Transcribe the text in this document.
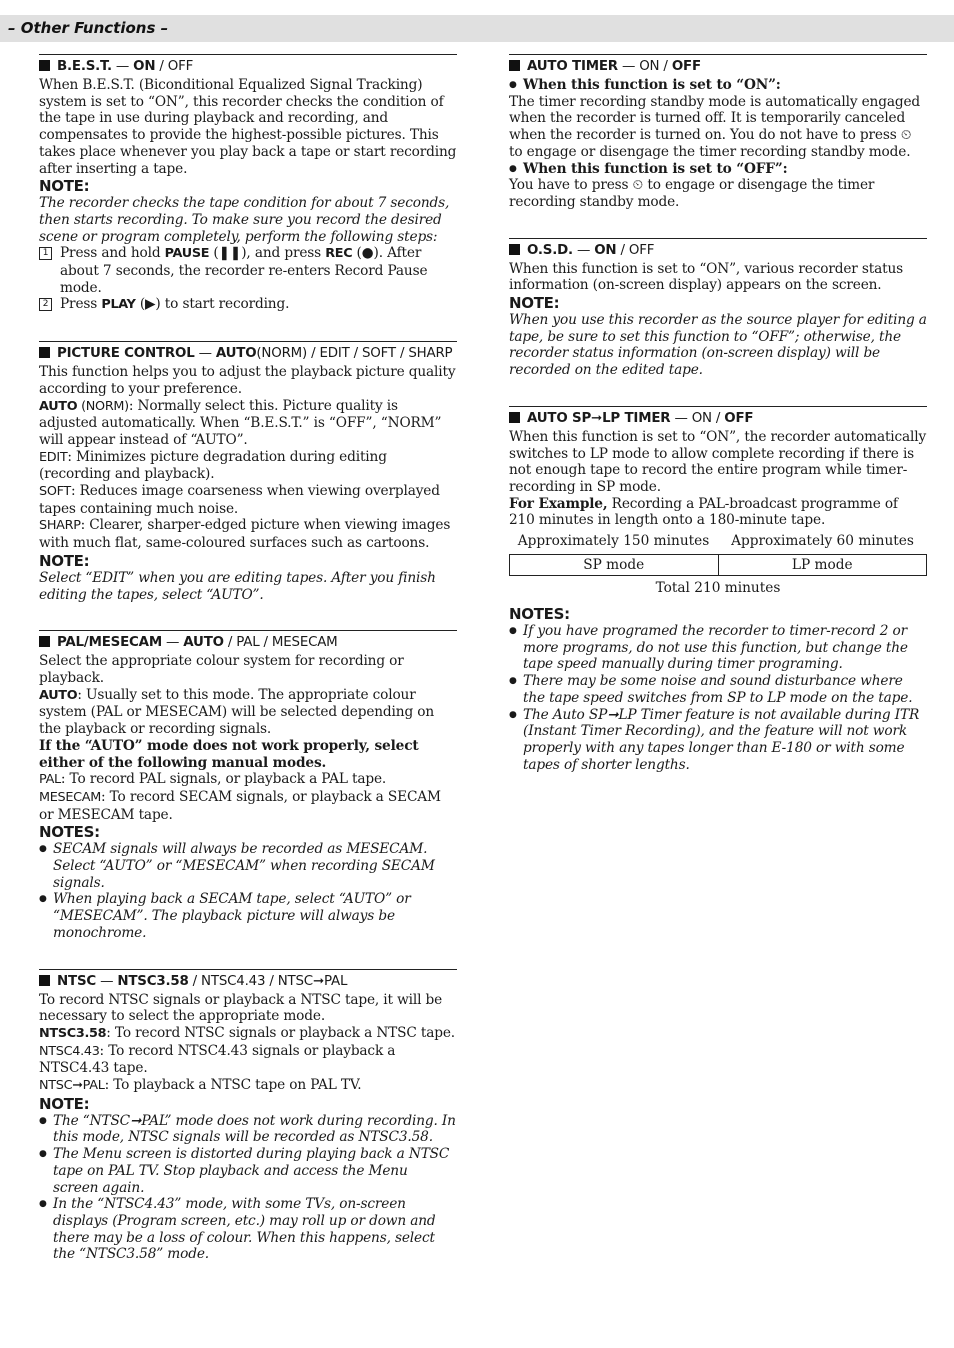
– Other Functions –
B.E.S.T. — ON / OFF

When B.E.S.T. (Biconditional Equalized Signal Tracking) system is set to “ON”, this recorder checks the condition of the tape in use during playback and recording, and compensates to provide the highest-possible pictures. This takes place whenever you play back a tape or start recording after inserting a tape.

NOTE:

The recorder checks the tape condition for about 7 seconds, then starts recording. To make sure you record the desired scene or program completely, perform the following steps:

1 Press and hold PAUSE (❚❚), and press REC (●). After about 7 seconds, the recorder re-enters Record Pause mode.
2 Press PLAY (▶) to start recording.
PICTURE CONTROL — AUTO(NORM) / EDIT / SOFT / SHARP

This function helps you to adjust the playback picture quality according to your preference.

AUTO (NORM): Normally select this. Picture quality is adjusted automatically. When “B.E.S.T.” is “OFF”, “NORM” will appear instead of “AUTO”.

EDIT: Minimizes picture degradation during editing (recording and playback).

SOFT: Reduces image coarseness when viewing overplayed tapes containing much noise.

SHARP: Clearer, sharper-edged picture when viewing images with much flat, same-coloured surfaces such as cartoons.

NOTE:

Select “EDIT” when you are editing tapes. After you finish editing the tapes, select “AUTO”.

PAL/MESECAM — AUTO / PAL / MESECAM

Select the appropriate colour system for recording or playback.

AUTO: Usually set to this mode. The appropriate colour system (PAL or MESECAM) will be selected depending on the playback or recording signals.

If the “AUTO” mode does not work properly, select either of the following manual modes.

PAL: To record PAL signals, or playback a PAL tape.

MESECAM: To record SECAM signals, or playback a SECAM or MESECAM tape.

NOTES:

● SECAM signals will always be recorded as MESECAM. Select “AUTO” or “MESECAM” when recording SECAM signals.
● When playing back a SECAM tape, select “AUTO” or “MESECAM”. The playback picture will always be monochrome.
NTSC — NTSC3.58 / NTSC4.43 / NTSC➞PAL

To record NTSC signals or playback a NTSC tape, it will be necessary to select the appropriate mode.

NTSC3.58: To record NTSC signals or playback a NTSC tape.

NTSC4.43: To record NTSC4.43 signals or playback a NTSC4.43 tape.

NTSC➞PAL: To playback a NTSC tape on PAL TV.

NOTE:

● The “NTSC➞PAL” mode does not work during recording. In this mode, NTSC signals will be recorded as NTSC3.58.
● The Menu screen is distorted during playing back a NTSC tape on PAL TV. Stop playback and access the Menu screen again.
● In the “NTSC4.43” mode, with some TVs, on-screen displays (Program screen, etc.) may roll up or down and there may be a loss of colour. When this happens, select the “NTSC3.58” mode.
AUTO TIMER — ON / OFF
● When this function is set to “ON”:

The timer recording standby mode is automatically engaged when the recorder is turned off. It is temporarily canceled when the recorder is turned on. You do not have to press ⏲ to engage or disengage the timer recording standby mode.

● When this function is set to “OFF”:

You have to press ⏲ to engage or disengage the timer recording standby mode.

O.S.D. — ON / OFF

When this function is set to “ON”, various recorder status information (on-screen display) appears on the screen.

NOTE:

When you use this recorder as the source player for editing a tape, be sure to set this function to “OFF”; otherwise, the recorder status information (on-screen display) will be recorded on the edited tape.

AUTO SP➞LP TIMER — ON / OFF

When this function is set to “ON”, the recorder automatically switches to LP mode to allow complete recording if there is not enough tape to record the entire program while timer-recording in SP mode.

For Example, Recording a PAL-broadcast programme of 210 minutes in length onto a 180-minute tape.

Approximately 150 minutes	Approximately 60 minutes
SP mode	LP mode
Total 210 minutes

NOTES:

● If you have programed the recorder to timer-record 2 or more programs, do not use this function, but change the tape speed manually during timer programing.
● There may be some noise and sound disturbance where the tape speed switches from SP to LP mode on the tape.
● The Auto SP➞LP Timer feature is not available during ITR (Instant Timer Recording), and the feature will not work properly with any tapes longer than E-180 or with some tapes of shorter lengths.
